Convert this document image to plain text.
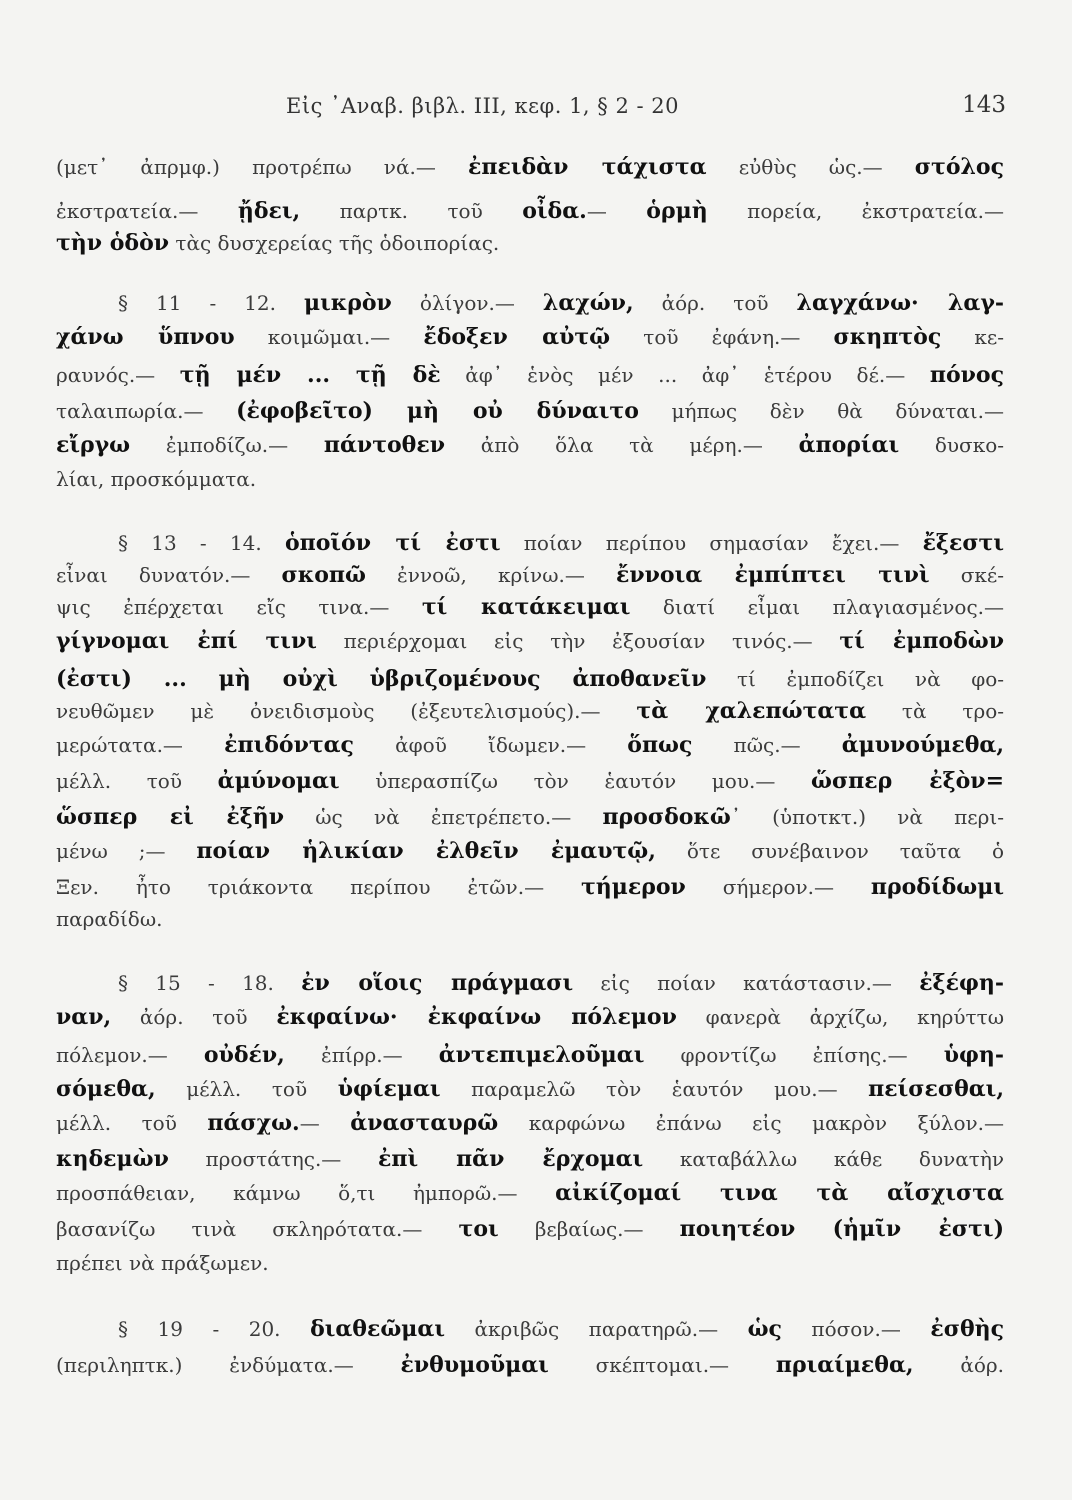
Εἰς ᾿Αναβ. βιβλ. III, κεφ. 1, § 2 - 20	143
(μετ᾿ ἀπρμφ.) προτρέπω νά.— ἐπειδὰν τάχιστα εὐθὺς ὡς.— στόλος
ἐκστρατεία.— ᾔδει, παρτκ. τοῦ οἶδα.— ὁρμὴ πορεία, ἐκστρατεία.—
τὴν ὁδὸν τὰς δυσχερείας τῆς ὁδοιπορίας.
§ 11 - 12. μικρὸν ὀλίγον.— λαχών, ἀόρ. τοῦ λαγχάνω· λαγ-
χάνω ὕπνου κοιμῶμαι.— ἔδοξεν αὐτῷ τοῦ ἐφάνη.— σκηπτὸς κε-
ραυνός.— τῇ μέν ... τῇ δὲ ἀφ᾿ ἑνὸς μέν ... ἀφ᾿ ἑτέρου δέ.— πόνος
ταλαιπωρία.— (ἐφοβεῖτο) μὴ οὐ δύναιτο μήπως δὲν θὰ δύναται.—
εἴργω ἐμποδίζω.— πάντοθεν ἀπὸ ὅλα τὰ μέρη.— ἀπορίαι δυσκο-
λίαι, προσκόμματα.
§ 13 - 14. ὁποῖόν τί ἐστι ποίαν περίπου σημασίαν ἔχει.— ἔξεστι
εἶναι δυνατόν.— σκοπῶ ἐννοῶ, κρίνω.— ἔννοια ἐμπίπτει τινὶ σκέ-
ψις ἐπέρχεται εἴς τινα.— τί κατάκειμαι διατί εἶμαι πλαγιασμένος.—
γίγνομαι ἐπί τινι περιέρχομαι εἰς τὴν ἐξουσίαν τινός.— τί ἐμποδὼν
(ἐστι) ... μὴ οὐχὶ ὑβριζομένους ἀποθανεῖν τί ἐμποδίζει νὰ φο-
νευθῶμεν μὲ ὀνειδισμοὺς (ἐξευτελισμούς).— τὰ χαλεπώτατα τὰ τρο-
μερώτατα.— ἐπιδόντας ἀφοῦ ἴδωμεν.— ὅπως πῶς.— ἀμυνούμεθα,
μέλλ. τοῦ ἀμύνομαι ὑπερασπίζω τὸν ἑαυτόν μου.— ὥσπερ ἐξὸν=
ὥσπερ εἰ ἐξῆν ὡς νὰ ἐπετρέπετο.— προσδοκῶ᾿ (ὑποτκτ.) νὰ περι-
μένω ;— ποίαν ἡλικίαν ἐλθεῖν ἐμαυτῷ, ὅτε συνέβαινον ταῦτα ὁ
Ξεν. ἦτο τριάκοντα περίπου ἐτῶν.— τήμερον σήμερον.— προδίδωμι
παραδίδω.
§ 15 - 18. ἐν οἵοις πράγμασι εἰς ποίαν κατάστασιν.— ἐξέφη-
ναν, ἀόρ. τοῦ ἐκφαίνω· ἐκφαίνω πόλεμον φανερὰ ἀρχίζω, κηρύττω
πόλεμον.— οὐδέν, ἐπίρρ.— ἀντεπιμελοῦμαι φροντίζω ἐπίσης.— ὑφη-
σόμεθα, μέλλ. τοῦ ὑφίεμαι παραμελῶ τὸν ἑαυτόν μου.— πείσεσθαι,
μέλλ. τοῦ πάσχω.— ἀνασταυρῶ καρφώνω ἐπάνω εἰς μακρὸν ξύλον.—
κηδεμὼν προστάτης.— ἐπὶ πᾶν ἔρχομαι καταβάλλω κάθε δυνατὴν
προσπάθειαν, κάμνω ὅ,τι ἠμπορῶ.— αἰκίζομαί τινα τὰ αἴσχιστα
βασανίζω τινὰ σκληρότατα.— τοι βεβαίως.— ποιητέον (ἡμῖν ἐστι)
πρέπει νὰ πράξωμεν.
§ 19 - 20. διαθεῶμαι ἀκριβῶς παρατηρῶ.— ὡς πόσον.— ἐσθὴς
(περιληπτκ.) ἐνδύματα.— ἐνθυμοῦμαι σκέπτομαι.— πριαίμεθα, ἀόρ.
